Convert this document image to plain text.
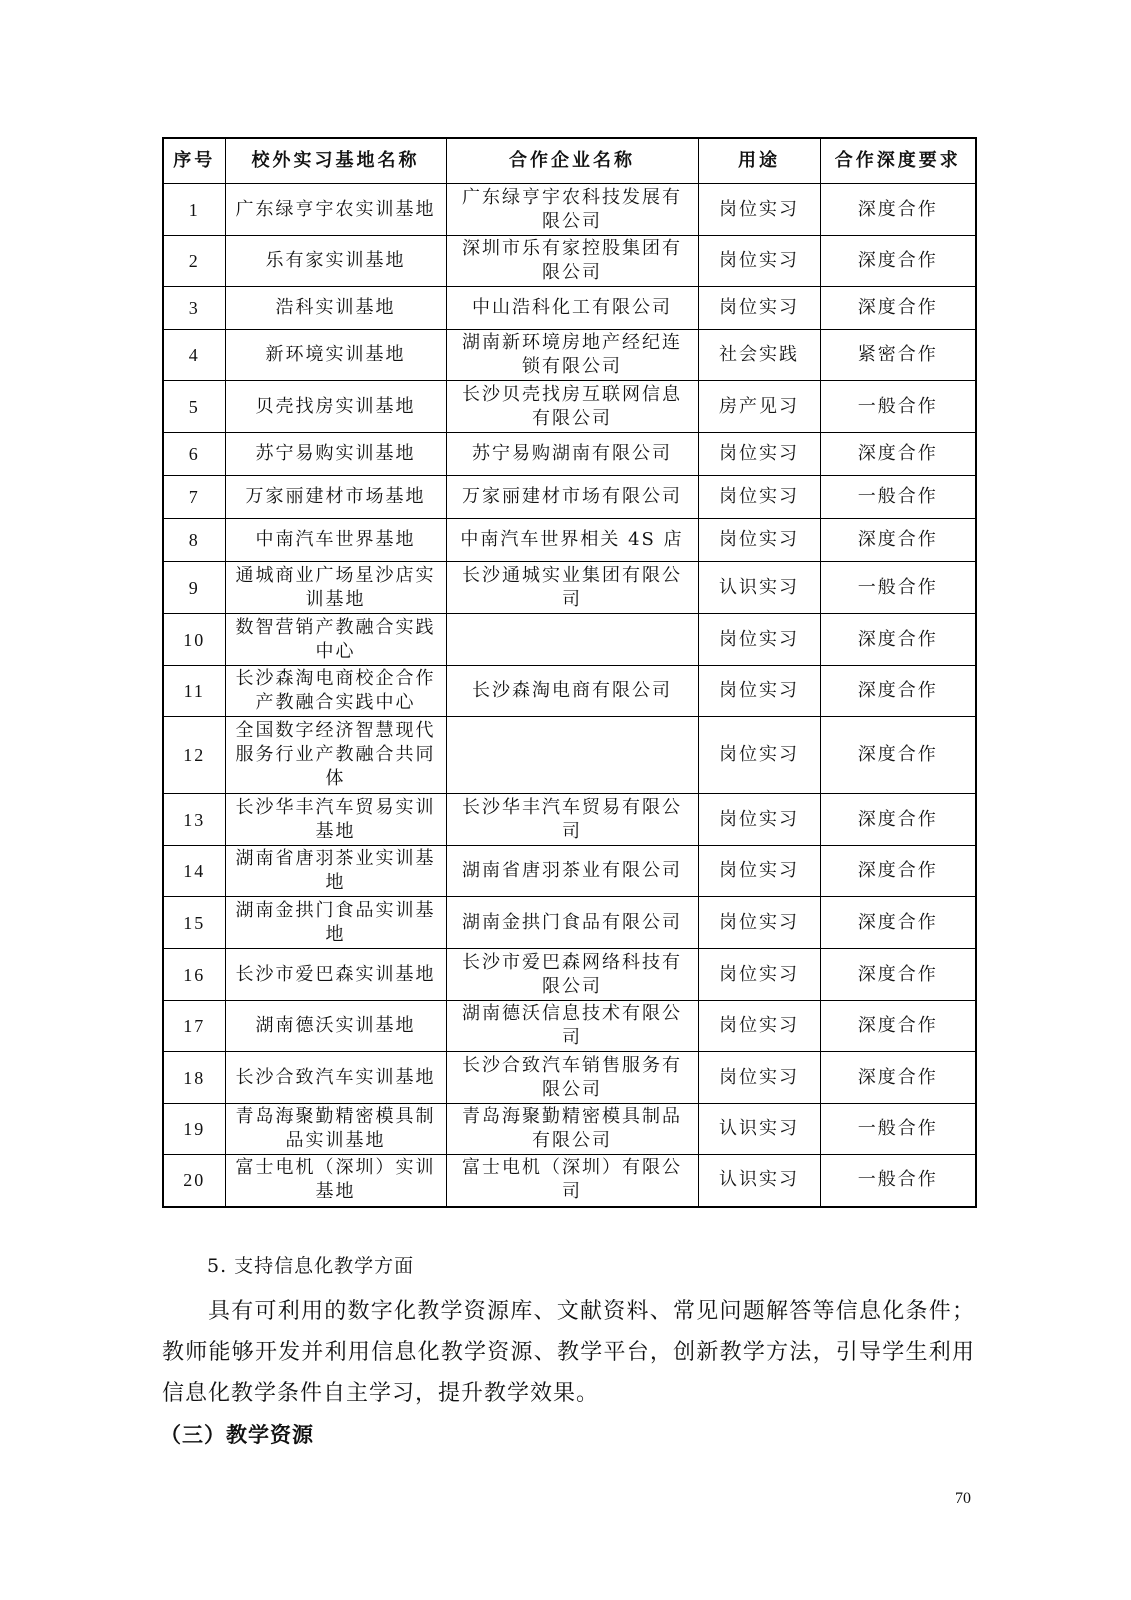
序号	校外实习基地名称	合作企业名称	用途	合作深度要求
1	广东绿亨宇农实训基地	广东绿亨宇农科技发展有限公司	岗位实习	深度合作
2	乐有家实训基地	深圳市乐有家控股集团有限公司	岗位实习	深度合作
3	浩科实训基地	中山浩科化工有限公司	岗位实习	深度合作
4	新环境实训基地	湖南新环境房地产经纪连锁有限公司	社会实践	紧密合作
5	贝壳找房实训基地	长沙贝壳找房互联网信息有限公司	房产见习	一般合作
6	苏宁易购实训基地	苏宁易购湖南有限公司	岗位实习	深度合作
7	万家丽建材市场基地	万家丽建材市场有限公司	岗位实习	一般合作
8	中南汽车世界基地	中南汽车世界相关 4S 店	岗位实习	深度合作
9	通城商业广场星沙店实训基地	长沙通城实业集团有限公司	认识实习	一般合作
10	数智营销产教融合实践中心		岗位实习	深度合作
11	长沙森淘电商校企合作产教融合实践中心	长沙森淘电商有限公司	岗位实习	深度合作
12	全国数字经济智慧现代服务行业产教融合共同体		岗位实习	深度合作
13	长沙华丰汽车贸易实训基地	长沙华丰汽车贸易有限公司	岗位实习	深度合作
14	湖南省唐羽茶业实训基地	湖南省唐羽茶业有限公司	岗位实习	深度合作
15	湖南金拱门食品实训基地	湖南金拱门食品有限公司	岗位实习	深度合作
16	长沙市爱巴森实训基地	长沙市爱巴森网络科技有限公司	岗位实习	深度合作
17	湖南德沃实训基地	湖南德沃信息技术有限公司	岗位实习	深度合作
18	长沙合致汽车实训基地	长沙合致汽车销售服务有限公司	岗位实习	深度合作
19	青岛海聚勤精密模具制品实训基地	青岛海聚勤精密模具制品有限公司	认识实习	一般合作
20	富士电机（深圳）实训基地	富士电机（深圳）有限公司	认识实习	一般合作
5. 支持信息化教学方面

具有可利用的数字化教学资源库、文献资料、常见问题解答等信息化条件；教师能够开发并利用信息化教学资源、教学平台，创新教学方法，引导学生利用信息化教学条件自主学习，提升教学效果。

（三）教学资源
70
